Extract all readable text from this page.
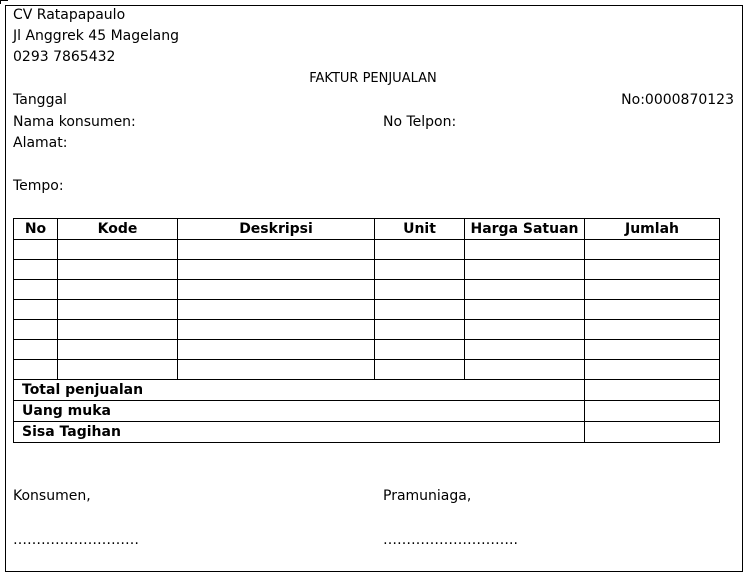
CV Ratapapaulo
Jl Anggrek 45 Magelang
0293 7865432
FAKTUR PENJUALAN
Tanggal	No:0000870123
Nama konsumen:	No Telpon:
Alamat:
Tempo:
No	Kode	Deskripsi	Unit	Harga Satuan	Jumlah

Total penjualan					
Uang muka					
Sisa Tagihan					
Konsumen,	Pramuniaga,
………………………	………………………..
